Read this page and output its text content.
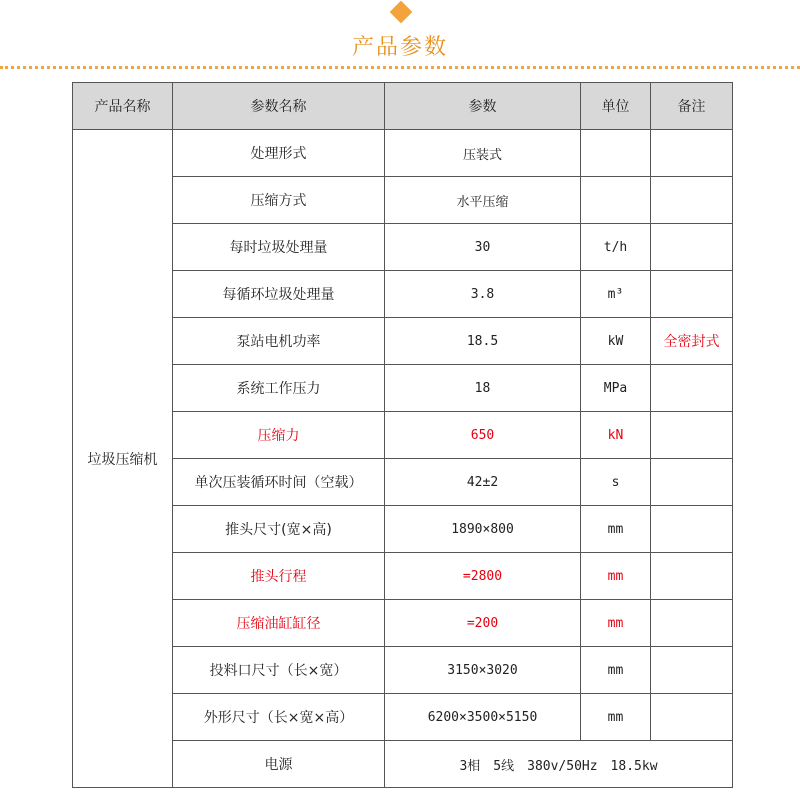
产品参数
产品名称	参数名称	参数	单位	备注
垃圾压缩机	处理形式	压装式		
	压缩方式	水平压缩		
	每时垃圾处理量	30	t/h	
	每循环垃圾处理量	3.8	m³	
	泵站电机功率	18.5	kW	全密封式
	系统工作压力	18	MPa	
	压缩力	650	kN	
	单次压装循环时间（空载）	42±2	s	
	推头尺寸(宽×高)	1890×800	mm	
	推头行程	=2800	mm	
	压缩油缸缸径	=200	mm	
	投料口尺寸（长×宽）	3150×3020	mm	
	外形尺寸（长×宽×高）	6200×3500×5150	mm	
	电源	3相　5线　380v/50Hz　18.5kw		
